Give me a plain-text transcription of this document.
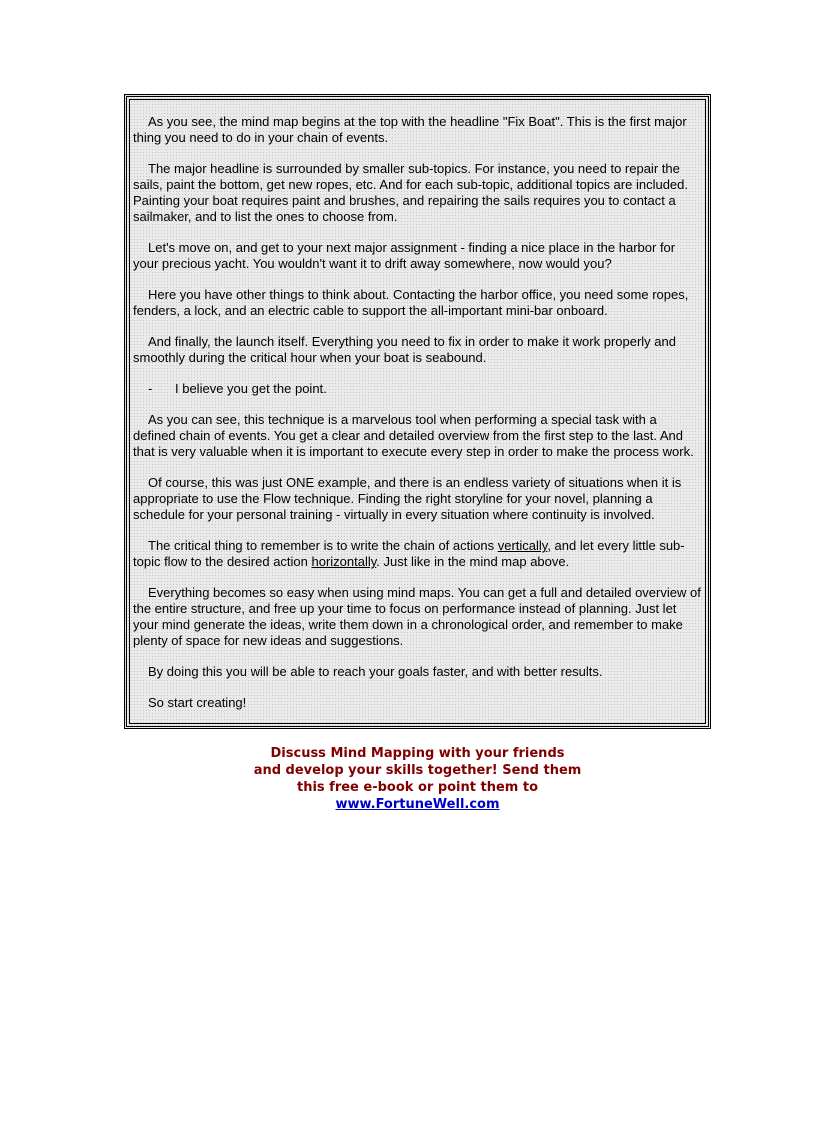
As you see, the mind map begins at the top with the headline "Fix Boat". This is the first major thing you need to do in your chain of events.

The major headline is surrounded by smaller sub-topics. For instance, you need to repair the sails, paint the bottom, get new ropes, etc. And for each sub-topic, additional topics are included. Painting your boat requires paint and brushes, and repairing the sails requires you to contact a sailmaker, and to list the ones to choose from.

Let's move on, and get to your next major assignment - finding a nice place in the harbor for your precious yacht. You wouldn't want it to drift away somewhere, now would you?

Here you have other things to think about. Contacting the harbor office, you need some ropes, fenders, a lock, and an electric cable to support the all-important mini-bar onboard.

And finally, the launch itself. Everything you need to fix in order to make it work properly and smoothly during the critical hour when your boat is seabound.

- I believe you get the point.

As you can see, this technique is a marvelous tool when performing a special task with a defined chain of events. You get a clear and detailed overview from the first step to the last. And that is very valuable when it is important to execute every step in order to make the process work.

Of course, this was just ONE example, and there is an endless variety of situations when it is appropriate to use the Flow technique. Finding the right storyline for your novel, planning a schedule for your personal training - virtually in every situation where continuity is involved.

The critical thing to remember is to write the chain of actions vertically, and let every little sub-topic flow to the desired action horizontally. Just like in the mind map above.

Everything becomes so easy when using mind maps. You can get a full and detailed overview of the entire structure, and free up your time to focus on performance instead of planning. Just let your mind generate the ideas, write them down in a chronological order, and remember to make plenty of space for new ideas and suggestions.

By doing this you will be able to reach your goals faster, and with better results.

So start creating!

Discuss Mind Mapping with your friends
and develop your skills together! Send them
this free e-book or point them to
www.FortuneWell.com
